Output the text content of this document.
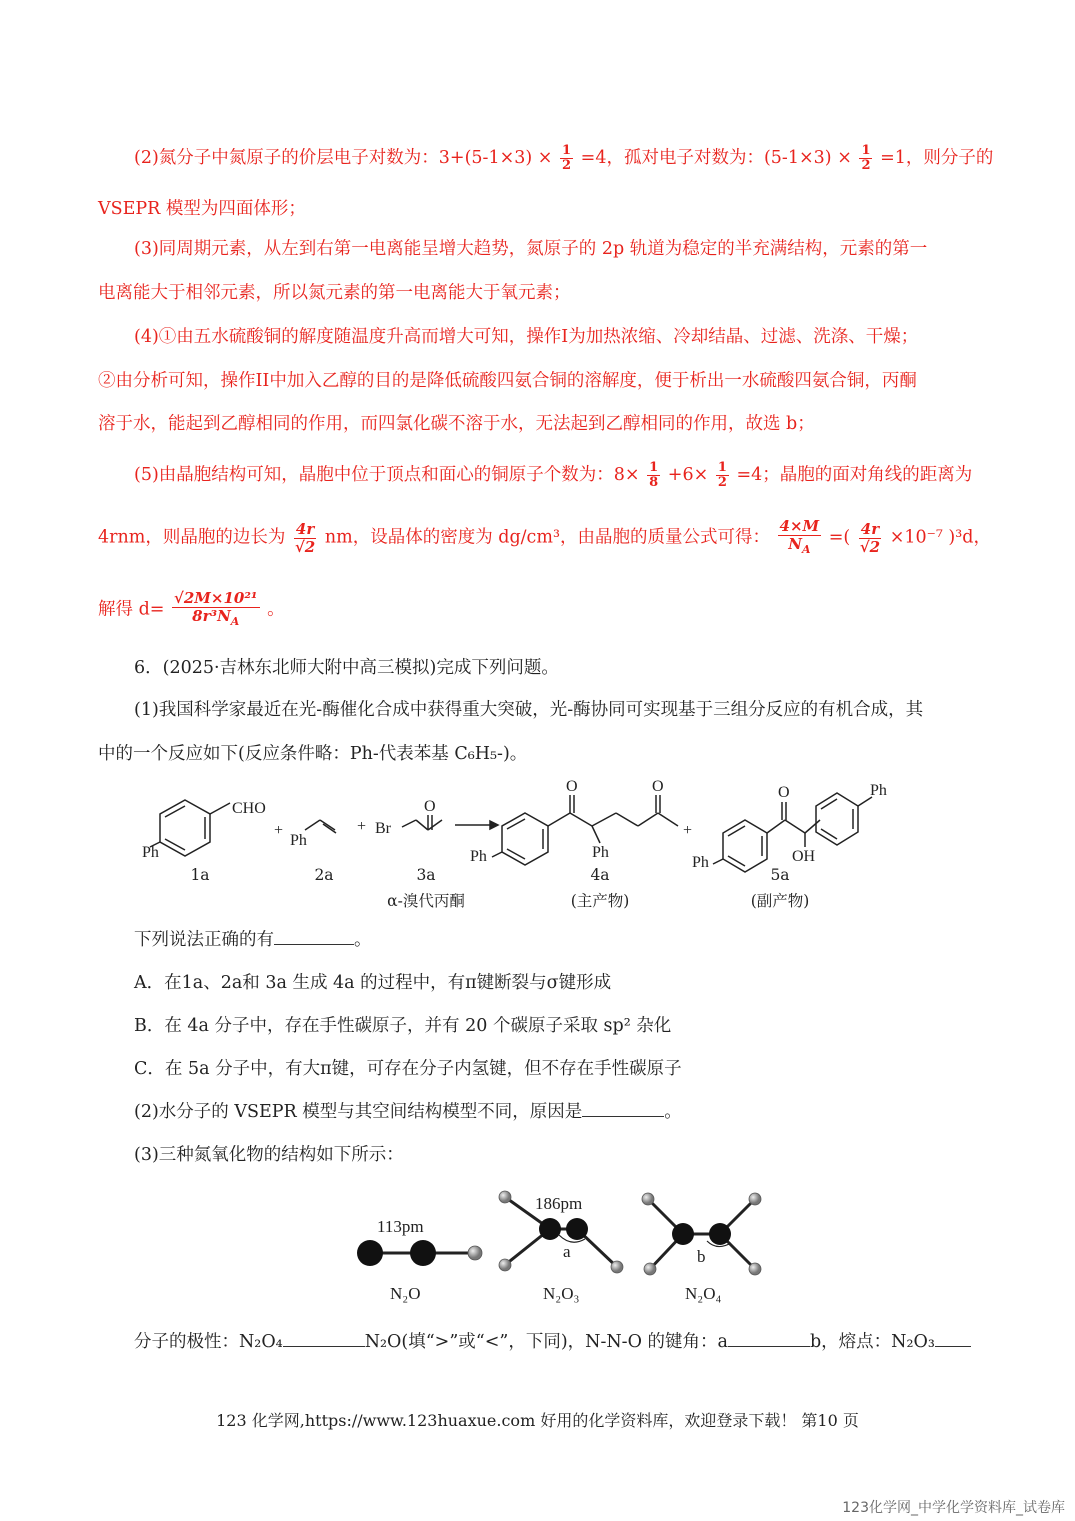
(2)氮分子中氮原子的价层电子对数为：$3+(5-1\times 3) \times \frac{1}{2} =4$，孤对电子对数为：$(5-1\times 3) \times \frac{1}{2} =1$，则分子的
VSEPR 模型为四面体形；
(3)同周期元素，从左到右第一电离能呈增大趋势，氮原子的 2p 轨道为稳定的半充满结构，元素的第一
电离能大于相邻元素，所以氮元素的第一电离能大于氧元素；
(4)①由五水硫酸铜的解度随温度升高而增大可知，操作I为加热浓缩、冷却结晶、过滤、洗涤、干燥；
②由分析可知，操作II中加入乙醇的目的是降低硫酸四氨合铜的溶解度，便于析出一水硫酸四氨合铜，丙酮
溶于水，能起到乙醇相同的作用，而四氯化碳不溶于水，无法起到乙醇相同的作用，故选 b；
(5)由晶胞结构可知，晶胞中位于顶点和面心的铜原子个数为：$8\times \frac{1}{8} +6\times \frac{1}{2} =4$；晶胞的面对角线的距离为
4rnm，则晶胞的边长为 $\frac{4r}{√2}$ nm，设晶体的密度为 dg/cm³，由晶胞的质量公式可得： $\frac{4\times M}{N_A}$ =( $\frac{4r}{√2} \times 10^{-7}$ )³d，
解得 $d= \frac{\text{√2M×10²¹}}{8r^3N_A}$ 。
6．(2025·吉林东北师大附中高三模拟)完成下列问题。
(1)我国科学家最近在光-酶催化合成中获得重大突破，光-酶协同可实现基于三组分反应的有机合成，其
中的一个反应如下(反应条件略：Ph-代表苯基 C₆H₅-)。
CHO
Ph
+
Ph
+ Br
O
O	O
Ph
Ph
+
O
OH
Ph
Ph
1a	2a	3a
α-溴代丙酮
4a
(主产物)
5a
(副产物)
下列说法正确的有	。
A．在1a、2a和 3a 生成 4a 的过程中，有π键断裂与σ键形成
B．在 4a 分子中，存在手性碳原子，并有 20 个碳原子采取 sp² 杂化
C．在 5a 分子中，有大π键，可存在分子内氢键，但不存在手性碳原子
(2)水分子的 VSEPR 模型与其空间结构模型不同，原因是	。
(3)三种氮氧化物的结构如下所示：
113pm
186pm
a	b
N₂O	N₂O₃	N₂O₄
分子的极性：N₂O₄	N₂O(填“>”或“<”，下同)，N-N-O 的键角：a	b，熔点：N₂O₃
123 化学网,https://www.123huaxue.com 好用的化学资料库，欢迎登录下载！ 第10 页
123化学网_中学化学资料库_试卷库
